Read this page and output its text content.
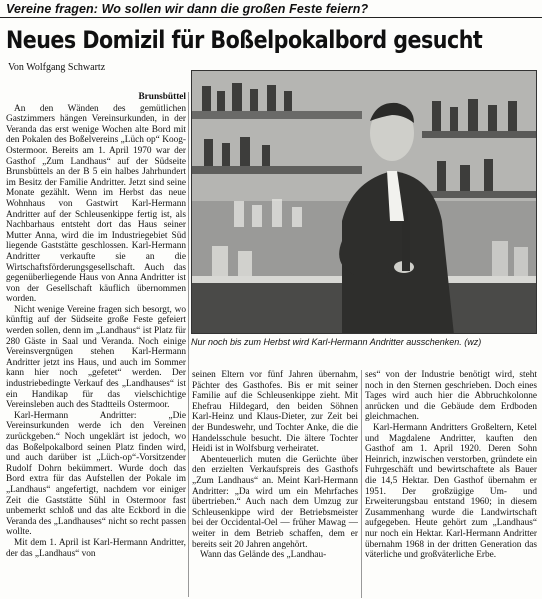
Vereine fragen: Wo sollen wir dann die großen Feste feiern?
Neues Domizil für Boßelpokalbord gesucht
Von Wolfgang Schwartz
Brunsbüttel

An den Wänden des gemütlichen Gastzimmers hängen Vereinsurkunden, in der Veranda das erst wenige Wochen alte Bord mit den Pokalen des Boßelvereins „Lüch op“ Koog-Ostermoor. Bereits am 1. April 1970 war der Gasthof „Zum Landhaus“ auf der Südseite Brunsbüttels an der B 5 ein halbes Jahrhundert im Besitz der Familie Andritter. Jetzt sind seine Monate gezählt. Wenn im Herbst das neue Wohnhaus von Gastwirt Karl-Hermann Andritter auf der Schleusenkippe fertig ist, als Nachbarhaus entsteht dort das Haus seiner Mutter Anna, wird die im Industriegebiet Süd liegende Gaststätte geschlossen. Karl-Hermann Andritter verkaufte sie an die Wirtschaftsförderungsgesellschaft. Auch das gegenüberliegende Haus von Anna Andritter ist von der Gesellschaft käuflich übernommen worden.

Nicht wenige Vereine fragen sich besorgt, wo künftig auf der Südseite große Feste gefeiert werden sollen, denn im „Landhaus“ ist Platz für 280 Gäste in Saal und Veranda. Noch einige Vereinsvergnügen stehen Karl-Hermann Andritter jetzt ins Haus, und auch im Sommer kann hier noch „gefetet“ werden. Der industriebedingte Verkauf des „Landhauses“ ist ein Handikap für das vielschichtige Vereinsleben auch des Stadtteils Ostermoor.

Karl-Hermann Andritter: „Die Vereinsurkunden werde ich den Vereinen zurückgeben.“ Noch ungeklärt ist jedoch, wo das Boßelpokalbord seinen Platz finden wird, und auch darüber ist „Lüch-op“-Vorsitzender Rudolf Dohrn bekümmert. Wurde doch das Bord extra für das Aufstellen der Pokale im „Landhaus“ angefertigt, nachdem vor einiger Zeit die Gaststätte Sühl in Ostermoor fast unbemerkt schloß und das alte Eckbord in die Veranda des „Landhauses“ nicht so recht passen wollte.

Mit dem 1. April ist Karl-Hermann Andritter, der das „Landhaus“ von

Nur noch bis zum Herbst wird Karl-Hermann Andritter ausschenken. (wz)

seinen Eltern vor fünf Jahren übernahm, Pächter des Gasthofes. Bis er mit seiner Familie auf die Schleusenkippe zieht. Mit Ehefrau Hildegard, den beiden Söhnen Karl-Heinz und Klaus-Dieter, zur Zeit bei der Bundeswehr, und Tochter Anke, die die Handelsschule besucht. Die ältere Tochter Heidi ist in Wolfsburg verheiratet.

Abenteuerlich muten die Gerüchte über den erzielten Verkaufspreis des Gasthofs „Zum Landhaus“ an. Meint Karl-Hermann Andritter: „Da wird um ein Mehrfaches übertrieben.“ Auch nach dem Umzug zur Schleusenkippe wird der Betriebsmeister bei der Occidental-Oel — früher Mawag — weiter in dem Betrieb schaffen, dem er bereits seit 20 Jahren angehört.

Wann das Gelände des „Landhau-

ses“ von der Industrie benötigt wird, steht noch in den Sternen geschrieben. Doch eines Tages wird auch hier die Abbruchkolonne anrücken und die Gebäude dem Erdboden gleichmachen.

Karl-Hermann Andritters Großeltern, Ketel und Magdalene Andritter, kauften den Gasthof am 1. April 1920. Deren Sohn Heinrich, inzwischen verstorben, gründete ein Fuhrgeschäft und bewirtschaftete als Bauer die 14,5 Hektar. Den Gasthof übernahm er 1951. Der großzügige Um- und Erweiterungsbau entstand 1960; in diesem Zusammenhang wurde die Landwirtschaft aufgegeben. Heute gehört zum „Landhaus“ nur noch ein Hektar. Karl-Hermann Andritter übernahm 1968 in der dritten Generation das väterliche und großväterliche Erbe.
